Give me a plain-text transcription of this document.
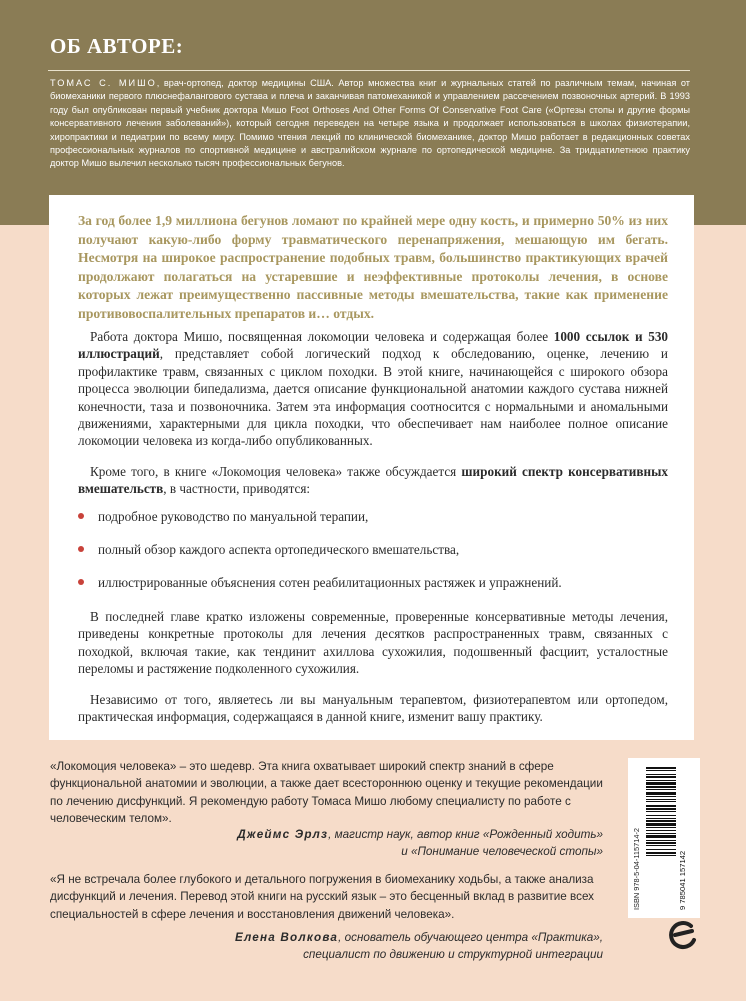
ОБ АВТОРЕ:
ТОМАС С. МИШО, врач-ортопед, доктор медицины США. Автор множества книг и журнальных статей по различным темам, начиная от биомеханики первого плюснефалангового сустава и плеча и заканчивая патомеханикой и управлением рассечением позвоночных артерий. В 1993 году был опубликован первый учебник доктора Мишо Foot Orthoses And Other Forms Of Conservative Foot Care («Ортезы стопы и другие формы консервативного лечения заболеваний»), который сегодня переведен на четыре языка и продолжает использоваться в школах физиотерапии, хиропрактики и педиатрии по всему миру. Помимо чтения лекций по клинической биомеханике, доктор Мишо работает в редакционных советах профессиональных журналов по спортивной медицине и австралийском журнале по ортопедической медицине. За тридцатилетнюю практику доктор Мишо вылечил несколько тысяч профессиональных бегунов.
За год более 1,9 миллиона бегунов ломают по крайней мере одну кость, и примерно 50% из них получают какую-либо форму травматического перенапряжения, мешающую им бегать. Несмотря на широкое распространение подобных травм, большинство практикующих врачей продолжают полагаться на устаревшие и неэффективные протоколы лечения, в основе которых лежат преимущественно пассивные методы вмешательства, такие как применение противовоспалительных препаратов и… отдых.

Работа доктора Мишо, посвященная локомоции человека и содержащая более 1000 ссылок и 530 иллюстраций, представляет собой логический подход к обследованию, оценке, лечению и профилактике травм, связанных с циклом походки. В этой книге, начинающейся с широкого обзора процесса эволюции бипедализма, дается описание функциональной анатомии каждого сустава нижней конечности, таза и позвоночника. Затем эта информация соотносится с нормальными и аномальными движениями, характерными для цикла походки, что обеспечивает нам наиболее полное описание локомоции человека из когда-либо опубликованных.

Кроме того, в книге «Локомоция человека» также обсуждается широкий спектр консервативных вмешательств, в частности, приводятся:

подробное руководство по мануальной терапии,
полный обзор каждого аспекта ортопедического вмешательства,
иллюстрированные объяснения сотен реабилитационных растяжек и упражнений.

В последней главе кратко изложены современные, проверенные консервативные методы лечения, приведены конкретные протоколы для лечения десятков распространенных травм, связанных с походкой, включая такие, как тендинит ахиллова сухожилия, подошвенный фасциит, усталостные переломы и растяжение подколенного сухожилия.

Независимо от того, являетесь ли вы мануальным терапевтом, физиотерапевтом или ортопедом, практическая информация, содержащаяся в данной книге, изменит вашу практику.

«Локомоция человека» – это шедевр. Эта книга охватывает широкий спектр знаний в сфере функциональной анатомии и эволюции, а также дает всестороннюю оценку и текущие рекомендации по лечению дисфункций. Я рекомендую работу Томаса Мишо любому специалисту по работе с человеческим телом».
Джеймс Эрлз, магистр наук, автор книг «Рожденный ходить»
и «Понимание человеческой стопы»
«Я не встречала более глубокого и детального погружения в биомеханику ходьбы, а также анализа дисфункций и лечения. Перевод этой книги на русский язык – это бесценный вклад в развитие всех специальностей в сфере лечения и восстановления движений человека».
Елена Волкова, основатель обучающего центра «Практика»,
специалист по движению и структурной интеграции
ISBN 978-5-04-115714-2	9 785041 157142
